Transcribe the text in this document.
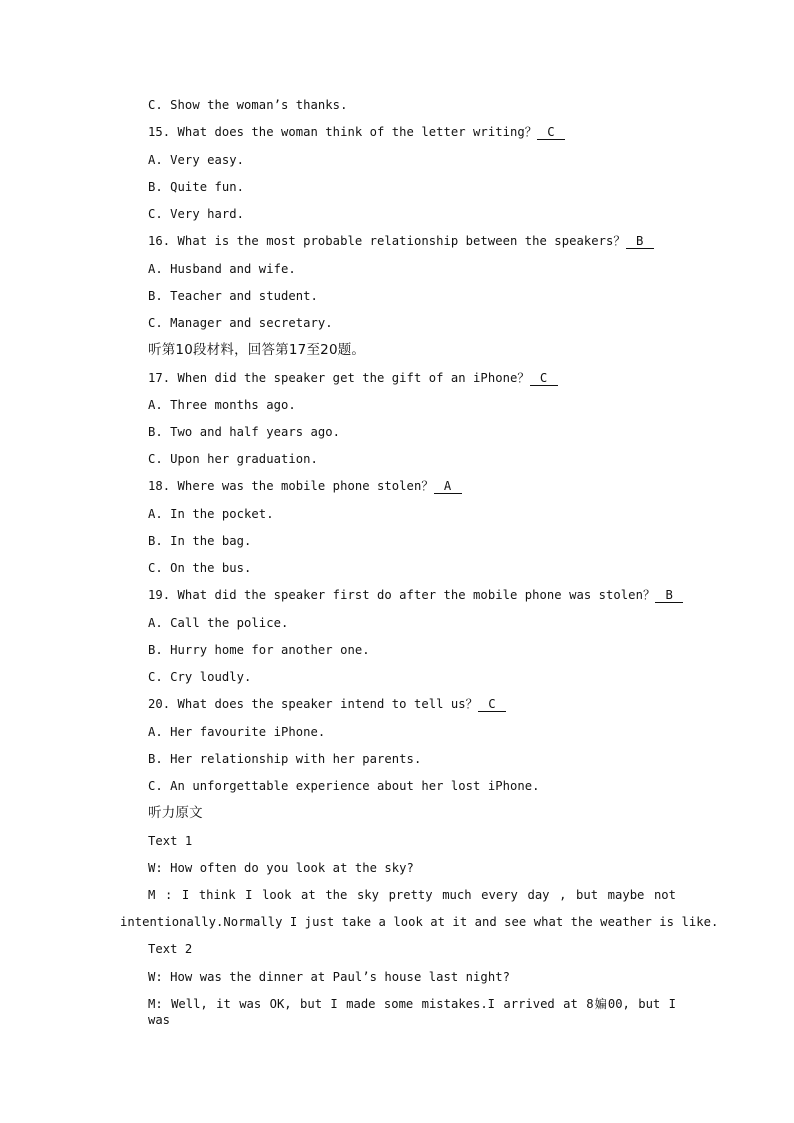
C. Show the woman’s thanks.
15. What does the woman think of the letter writing？ C
A. Very easy.
B. Quite fun.
C. Very hard.
16. What is the most probable relationship between the speakers？ B
A. Husband and wife.
B. Teacher and student.
C. Manager and secretary.
听第10段材料，回答第17至20题。
17. When did the speaker get the gift of an iPhone？ C
A. Three months ago.
B. Two and half years ago.
C. Upon her graduation.
18. Where was the mobile phone stolen？ A
A. In the pocket.
B. In the bag.
C. On the bus.
19. What did the speaker first do after the mobile phone was stolen？ B
A. Call the police.
B. Hurry home for another one.
C. Cry loudly.
20. What does the speaker intend to tell us？ C
A. Her favourite iPhone.
B. Her relationship with her parents.
C. An unforgettable experience about her lost iPhone.
听力原文
Text 1
W: How often do you look at the sky?
M : I think I look at the sky pretty much every day , but maybe not
intentionally.Normally I just take a look at it and see what the weather is like.
Text 2
W: How was the dinner at Paul’s house last night?
M: Well, it was OK, but I made some mistakes.I arrived at 8媥00, but I was
